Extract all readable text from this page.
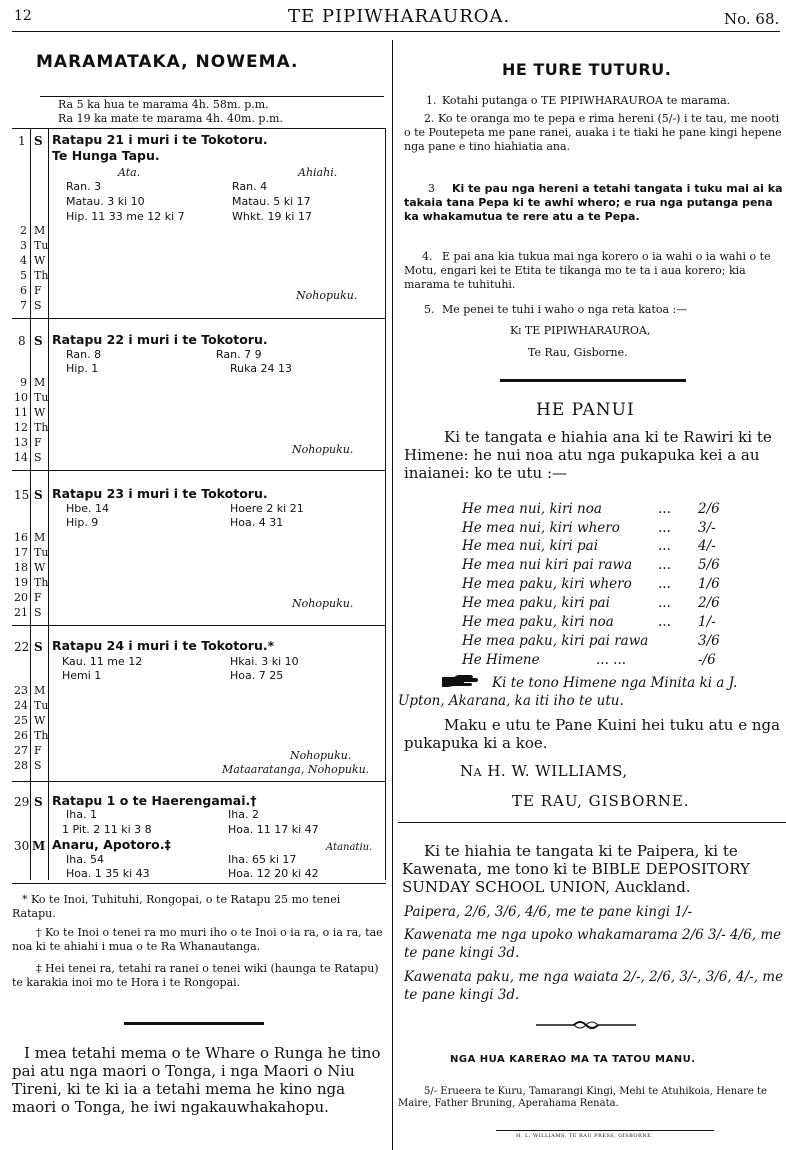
12	TE PIPIWHARAUROA.	No. 68.
MARAMATAKA, NOWEMA.
Ra 5 ka hua te marama 4h. 58m. p.m.
Ra 19 ka mate te marama 4h. 40m. p.m.
1 S Ratapu 21 i muri i te Tokotoru.
Te Hunga Tapu.
Ata.	Ahiahi.
Ran. 3	Ran. 4
Matau. 3 ki 10	Matau. 5 ki 17
Hip. 11 33 me 12 ki 7	Whkt. 19 ki 17
2 M
3 Tu
4 W
5 Th
6 F
7 S
Nohopuku.
8 S Ratapu 22 i muri i te Tokotoru.
Ran. 8	Ran. 7 9
Hip. 1	Ruka 24 13
9 M
10 Tu
11 W
12 Th
13 F
14 S
Nohopuku.
15 S Ratapu 23 i muri i te Tokotoru.
Hbe. 14	Hoere 2 ki 21
Hip. 9	Hoa. 4 31
16 M
17 Tu
18 W
19 Th
20 F
21 S
Nohopuku.
22 S Ratapu 24 i muri i te Tokotoru.*
Kau. 11 me 12	Hkai. 3 ki 10
Hemi 1	Hoa. 7 25
23 M
24 Tu
25 W
26 Th
27 F
28 S
Nohopuku.
Mataaratanga, Nohopuku.
29 S Ratapu 1 o te Haerengamai.†
Iha. 1	Iha. 2
1 Pit. 2 11 ki 3 8	Hoa. 11 17 ki 47
30 M Anaru, Apotoro.‡	Atanatiu.
Iha. 54	Iha. 65 ki 17
Hoa. 1 35 ki 43	Hoa. 12 20 ki 42
* Ko te Inoi, Tuhituhi, Rongopai, o te Ratapu 25 mo tenei Ratapu.
† Ko te Inoi o tenei ra mo muri iho o te Inoi o ia ra, o ia ra, tae noa ki te ahiahi i mua o te Ra Whanautanga.
‡ Hei tenei ra, tetahi ra ranei o tenei wiki (haunga te Ratapu) te karakia inoi mo te Hora i te Rongopai.
I mea tetahi mema o te Whare o Runga he tino pai atu nga maori o Tonga, i nga Maori o Niu Tireni, ki te ki ia a tetahi mema he kino nga maori o Tonga, he iwi ngakauwhakahopu.
HE TURE TUTURU.
1. Kotahi putanga o TE PIPIWHARAUROA te marama.
2. Ko te oranga mo te pepa e rima hereni (5/-) i te tau, me nooti o te Poutepeta me pane ranei, auaka i te tiaki he pane kingi hepene nga pane e tino hiahiatia ana.
3	Ki te pau nga hereni a tetahi tangata i tuku mai ai ka takaia tana Pepa ki te awhi whero; e rua nga putanga pena ka whakamutua te rere atu a te Pepa.
4. E pai ana kia tukua mai nga korero o ia wahi o ia wahi o te Motu, engari kei te Etita te tikanga mo te ta i aua korero; kia marama te tuhituhi.
5. Me penei te tuhi i waho o nga reta katoa :—
Ki TE PIPIWHARAUROA,
Te Rau, Gisborne.
HE PANUI
Ki te tangata e hiahia ana ki te Rawiri ki te Himene: he nui noa atu nga pukapuka kei a au inaianei: ko te utu :—
He mea nui, kiri noa	... 2/6
He mea nui, kiri whero	... 3/-
He mea nui, kiri pai	... 4/-
He mea nui kiri pai rawa ... 5/6
He mea paku, kiri whero ... 1/6
He mea paku, kiri pai	... 2/6
He mea paku, kiri noa	... 1/-
He mea paku, kiri pai rawa	3/6
He Himene	... ...	-/6
Ki te tono Himene nga Minita ki a J. Upton, Akarana, ka iti iho te utu.
Maku e utu te Pane Kuini hei tuku atu e nga pukapuka ki a koe.
Na H. W. WILLIAMS,
TE RAU, GISBORNE.
Ki te hiahia te tangata ki te Paipera, ki te Kawenata, me tono ki te BIBLE DEPOSITORY SUNDAY SCHOOL UNION, Auckland.
Paipera, 2/6, 3/6, 4/6, me te pane kingi 1/-
Kawenata me nga upoko whakamarama 2/6 3/- 4/6, me te pane kingi 3d.
Kawenata paku, me nga waiata 2/-, 2/6, 3/-, 3/6, 4/-, me te pane kingi 3d.
NGA HUA KARERAO MA TA TATOU MANU.
5/- Erueera te Kuru, Tamarangi Kingi, Mehi te Atuhikoia, Henare te Maire, Father Bruning, Aperahama Renata.
H. L. WILLIAMS, TE RAU PRESS, GISBORNE.
